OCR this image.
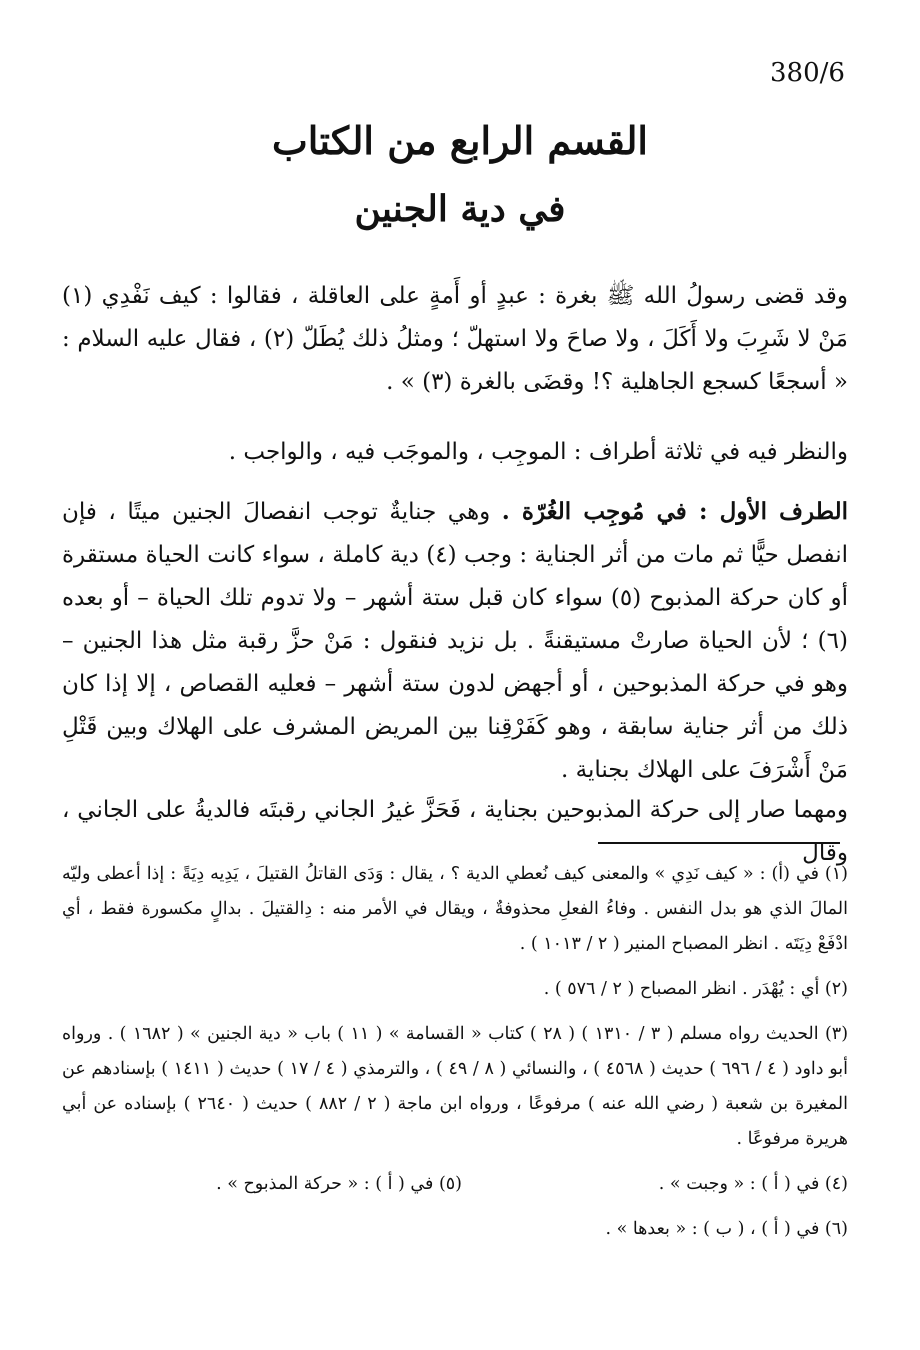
380/6
القسم الرابع من الكتاب
في دية الجنين

وقد قضى رسولُ الله ﷺ بغرة : عبدٍ أو أَمةٍ على العاقلة ، فقالوا : كيف نَفْدِي (١) مَنْ لا شَرِبَ ولا أَكَلَ ، ولا صاحَ ولا استهلّ ؛ ومثلُ ذلك يُطَلّ (٢) ، فقال عليه السلام : « أسجعًا كسجع الجاهلية ؟! وقضَى بالغرة (٣) » .

والنظر فيه في ثلاثة أطراف : الموجِب ، والموجَب فيه ، والواجب .

الطرف الأول : في مُوجِب الغُرّة . وهي جنايةٌ توجب انفصالَ الجنين ميتًا ، فإن انفصل حيًّا ثم مات من أثر الجناية : وجب (٤) دية كاملة ، سواء كانت الحياة مستقرة أو كان حركة المذبوح (٥) سواء كان قبل ستة أشهر – ولا تدوم تلك الحياة – أو بعده (٦) ؛ لأن الحياة صارتْ مستيقنةً . بل نزيد فنقول : مَنْ حزَّ رقبة مثل هذا الجنين – وهو في حركة المذبوحين ، أو أجهض لدون ستة أشهر – فعليه القصاص ، إلا إذا كان ذلك من أثر جناية سابقة ، وهو كَفَرْقِنا بين المريض المشرف على الهلاك وبين قَتْلِ مَنْ أَشْرَفَ على الهلاك بجناية .

ومهما صار إلى حركة المذبوحين بجناية ، فَحَزَّ غيرُ الجاني رقبتَه فالديةُ على الجاني ، وقال

(١) في (أ) : « كيف نَدِي » والمعنى كيف نُعطي الدية ؟ ، يقال : وَدَى القاتلُ القتيلَ ، يَدِيه دِيَةً : إذا أعطى وليّه المالَ الذي هو بدل النفس . وفاءُ الفعلِ محذوفةٌ ، ويقال في الأمر منه : دِالقتيلَ . بدالٍ مكسورة فقط ، أي ادْفَعْ دِيَتَه . انظر المصباح المنير ( ٢ / ١٠١٣ ) .

(٢) أي : يُهْدَر . انظر المصباح ( ٢ / ٥٧٦ ) .

(٣) الحديث رواه مسلم ( ٣ / ١٣١٠ ) ( ٢٨ ) كتاب « القسامة » ( ١١ ) باب « دية الجنين » ( ١٦٨٢ ) . ورواه أبو داود ( ٤ / ٦٩٦ ) حديث ( ٤٥٦٨ ) ، والنسائي ( ٨ / ٤٩ ) ، والترمذي ( ٤ / ١٧ ) حديث ( ١٤١١ ) بإسنادهم عن المغيرة بن شعبة ( رضي الله عنه ) مرفوعًا ، ورواه ابن ماجة ( ٢ / ٨٨٢ ) حديث ( ٢٦٤٠ ) بإسناده عن أبي هريرة مرفوعًا .

(٤) في ( أ ) : « وجبت » .
(٥) في ( أ ) : « حركة المذبوح » .

(٦) في ( أ ) ، ( ب ) : « بعدها » .
